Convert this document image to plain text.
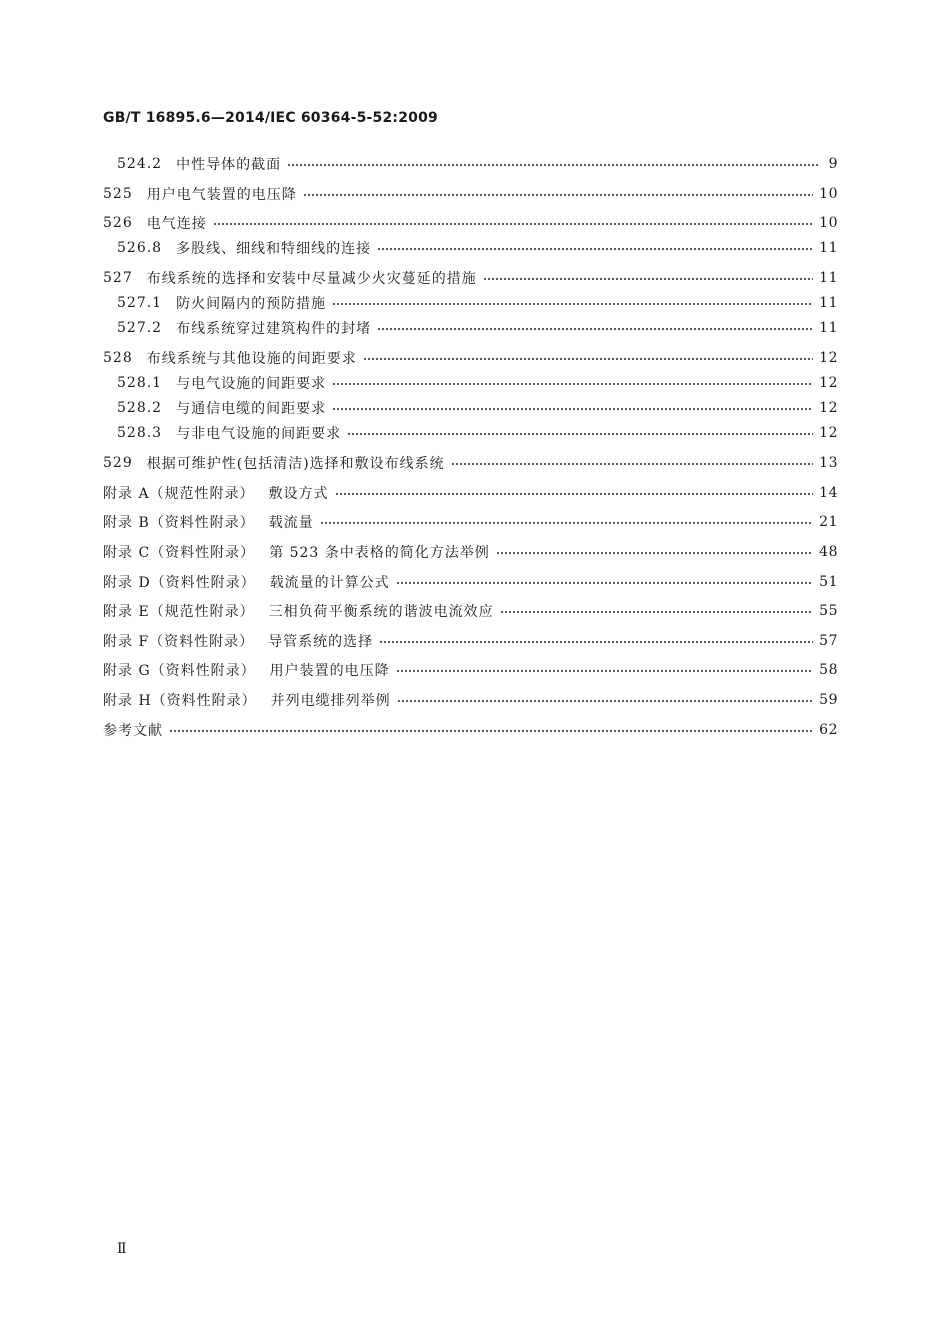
GB/T 16895.6—2014/IEC 60364-5-52:2009
524.2 中性导体的截面	9
525 用户电气装置的电压降	10
526 电气连接	10
526.8 多股线、细线和特细线的连接	11
527 布线系统的选择和安装中尽量减少火灾蔓延的措施	11
527.1 防火间隔内的预防措施	11
527.2 布线系统穿过建筑构件的封堵	11
528 布线系统与其他设施的间距要求	12
528.1 与电气设施的间距要求	12
528.2 与通信电缆的间距要求	12
528.3 与非电气设施的间距要求	12
529 根据可维护性(包括清洁)选择和敷设布线系统	13
附录 A（规范性附录） 敷设方式	14
附录 B（资料性附录） 载流量	21
附录 C（资料性附录） 第 523 条中表格的简化方法举例	48
附录 D（资料性附录） 载流量的计算公式	51
附录 E（规范性附录） 三相负荷平衡系统的谐波电流效应	55
附录 F（资料性附录） 导管系统的选择	57
附录 G（资料性附录） 用户装置的电压降	58
附录 H（资料性附录） 并列电缆排列举例	59
参考文献	62
Ⅱ
